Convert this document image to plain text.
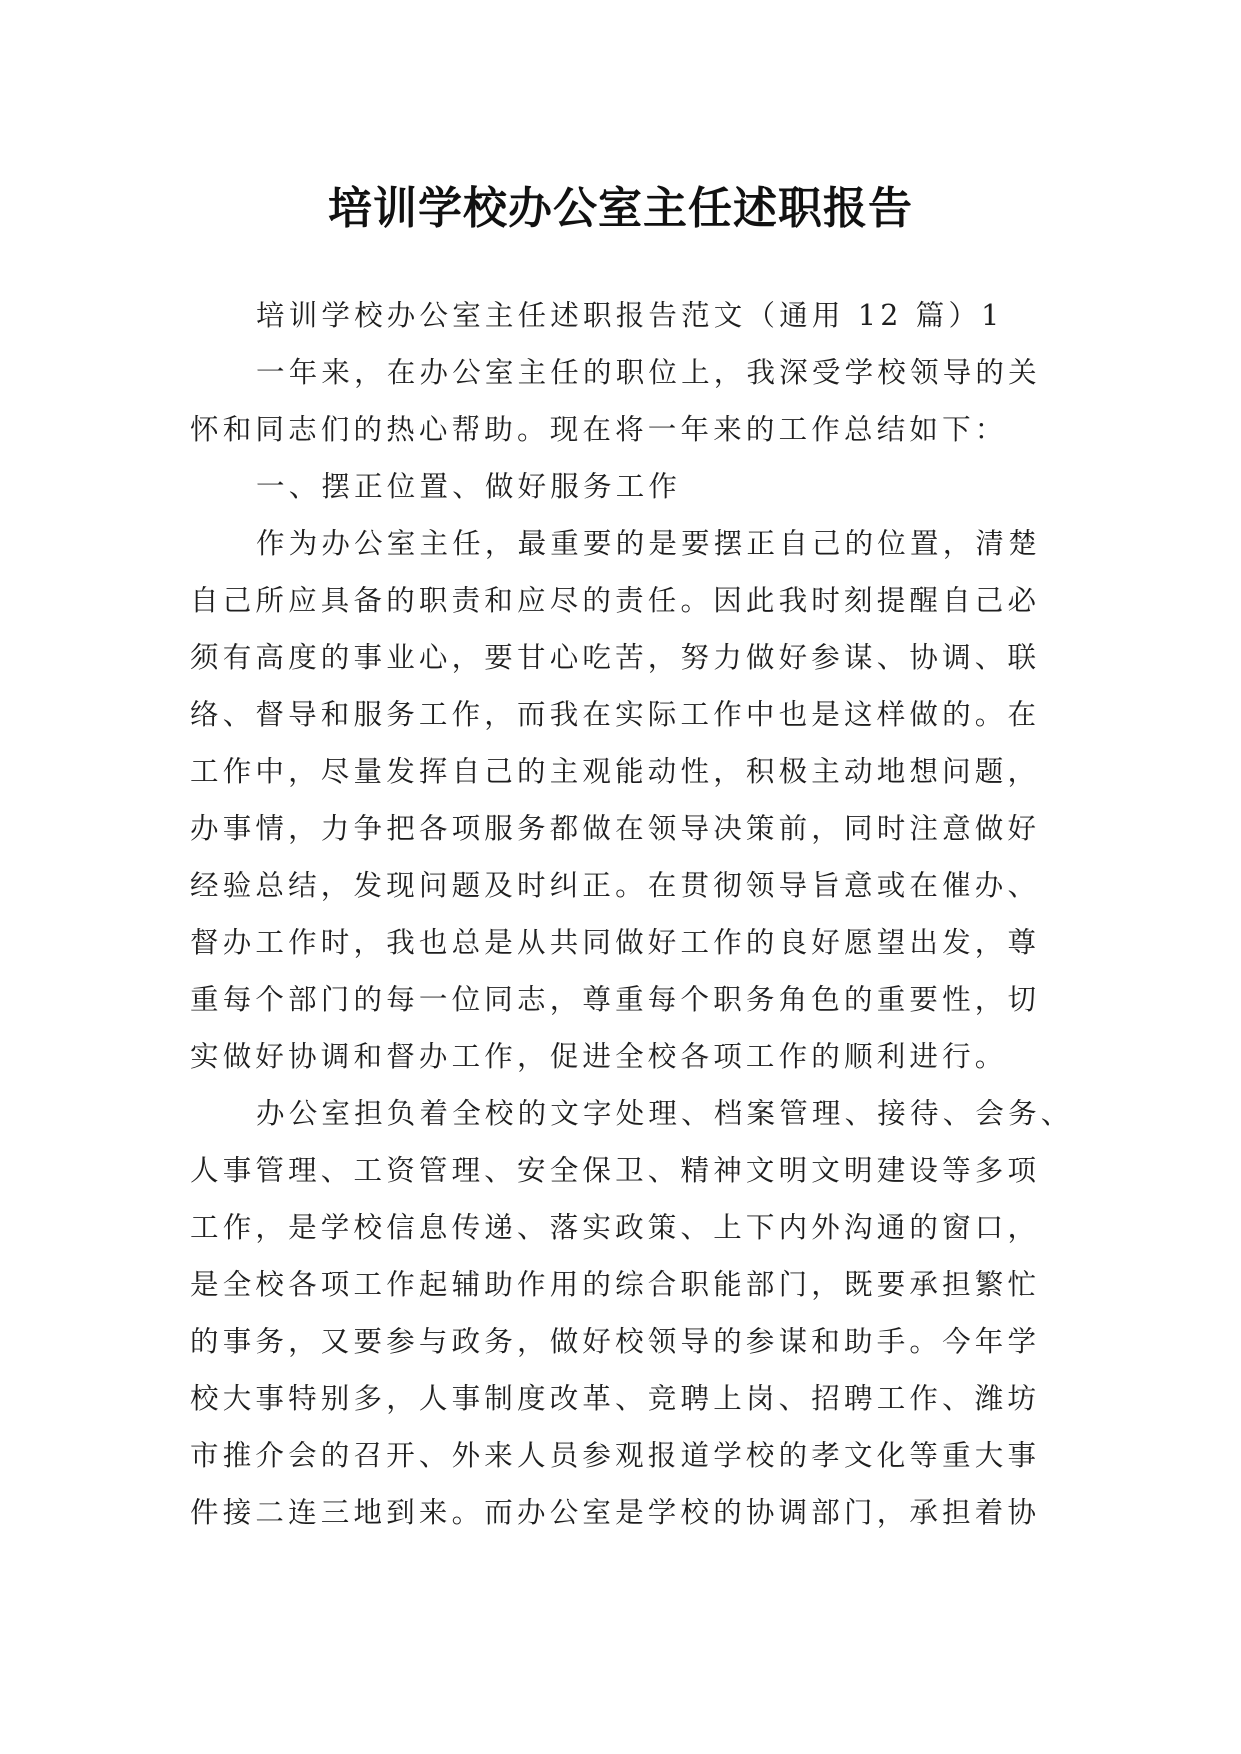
培训学校办公室主任述职报告

培训学校办公室主任述职报告范文（通用 12 篇）1

一年来，在办公室主任的职位上，我深受学校领导的关
怀和同志们的热心帮助。现在将一年来的工作总结如下：

一、摆正位置、做好服务工作

作为办公室主任，最重要的是要摆正自己的位置，清楚
自己所应具备的职责和应尽的责任。因此我时刻提醒自己必
须有高度的事业心，要甘心吃苦，努力做好参谋、协调、联
络、督导和服务工作，而我在实际工作中也是这样做的。在
工作中，尽量发挥自己的主观能动性，积极主动地想问题，
办事情，力争把各项服务都做在领导决策前，同时注意做好
经验总结，发现问题及时纠正。在贯彻领导旨意或在催办、
督办工作时，我也总是从共同做好工作的良好愿望出发，尊
重每个部门的每一位同志，尊重每个职务角色的重要性，切
实做好协调和督办工作，促进全校各项工作的顺利进行。

办公室担负着全校的文字处理、档案管理、接待、会务、
人事管理、工资管理、安全保卫、精神文明文明建设等多项
工作，是学校信息传递、落实政策、上下内外沟通的窗口，
是全校各项工作起辅助作用的综合职能部门，既要承担繁忙
的事务，又要参与政务，做好校领导的参谋和助手。今年学
校大事特别多，人事制度改革、竞聘上岗、招聘工作、潍坊
市推介会的召开、外来人员参观报道学校的孝文化等重大事
件接二连三地到来。而办公室是学校的协调部门，承担着协
